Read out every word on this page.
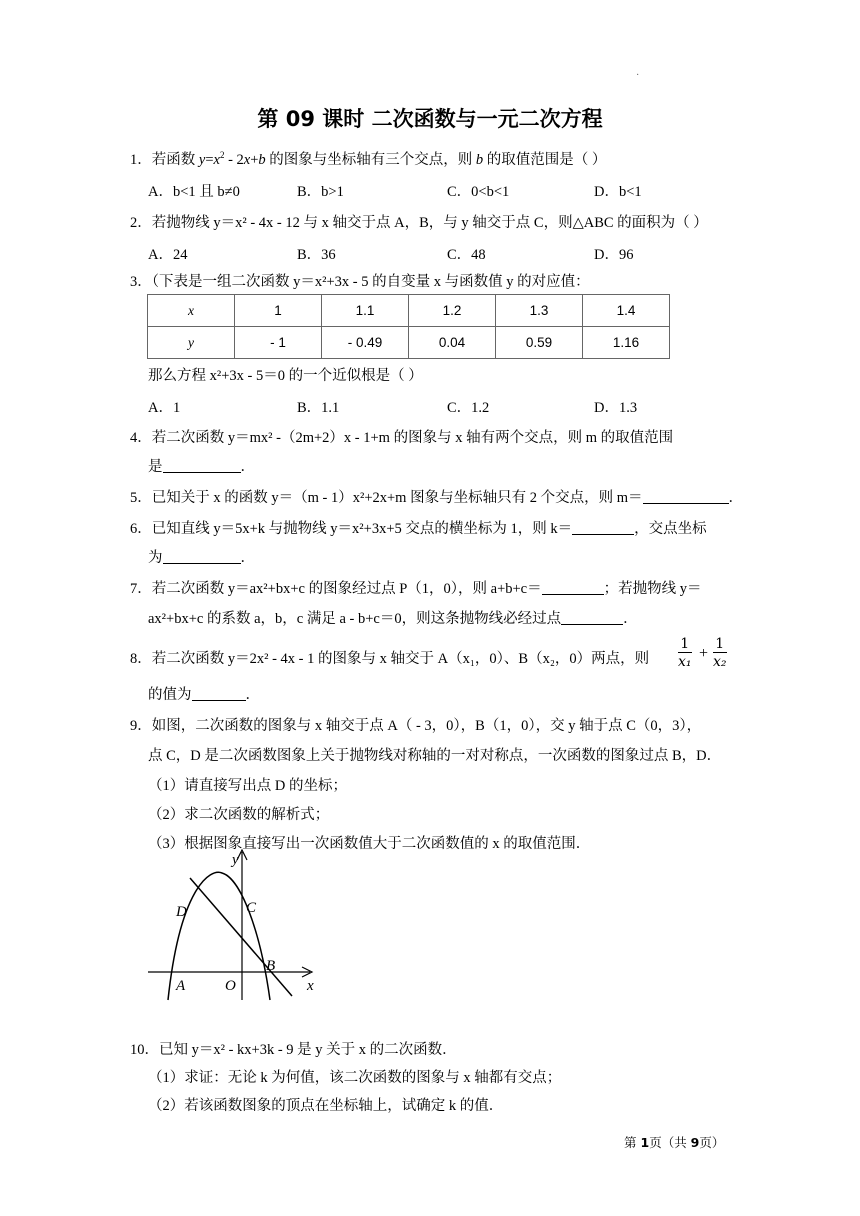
·
第 09 课时 二次函数与一元二次方程
1．若函数 $y=x^2 - 2x+b$ 的图象与坐标轴有三个交点，则 b 的取值范围是（ ）
A．b<1 且 b≠0	B．b>1	C．0<b<1	D．b<1
2．若抛物线 y＝x² - 4x - 12 与 x 轴交于点 A，B，与 y 轴交于点 C，则△ABC 的面积为（ ）
A．24	B．36	C．48	D．96
3．（下表是一组二次函数 y＝x²+3x - 5 的自变量 x 与函数值 y 的对应值：
x	1	1.1	1.2	1.3	1.4
y	- 1	- 0.49	0.04	0.59	1.16
那么方程 x²+3x - 5＝0 的一个近似根是（ ）
A．1	B．1.1	C．1.2	D．1.3
4．若二次函数 y＝mx² -（2m+2）x - 1+m 的图象与 x 轴有两个交点，则 m 的取值范围
是	．
5．已知关于 x 的函数 y＝（m - 1）x²+2x+m 图象与坐标轴只有 2 个交点，则 m＝	．
6．已知直线 y＝5x+k 与抛物线 y＝x²+3x+5 交点的横坐标为 1，则 k＝	，交点坐标
为	．
7．若二次函数 y＝ax²+bx+c 的图象经过点 P（1，0），则 a+b+c＝	；若抛物线 y＝
ax²+bx+c 的系数 a，b，c 满足 a - b+c＝0，则这条抛物线必经过点	．
8．若二次函数 y＝2x² - 4x - 1 的图象与 x 轴交于 A（x₁，0）、B（x₂，0）两点，则 $\frac{1}{\text{x₁}} + \frac{1}{\text{x₂}}$
的值为	．
9．如图，二次函数的图象与 x 轴交于点 A（ - 3，0），B（1，0），交 y 轴于点 C（0，3），
点 C，D 是二次函数图象上关于抛物线对称轴的一对对称点，一次函数的图象过点 B，D．
（1）请直接写出点 D 的坐标；
（2）求二次函数的解析式；
（3）根据图象直接写出一次函数值大于二次函数值的 x 的取值范围．
y
x
D	C
B
A	O
10．已知 y＝x² - kx+3k - 9 是 y 关于 x 的二次函数．
（1）求证：无论 k 为何值，该二次函数的图象与 x 轴都有交点；
（2）若该函数图象的顶点在坐标轴上，试确定 k 的值．
第 1页（共 9页）
